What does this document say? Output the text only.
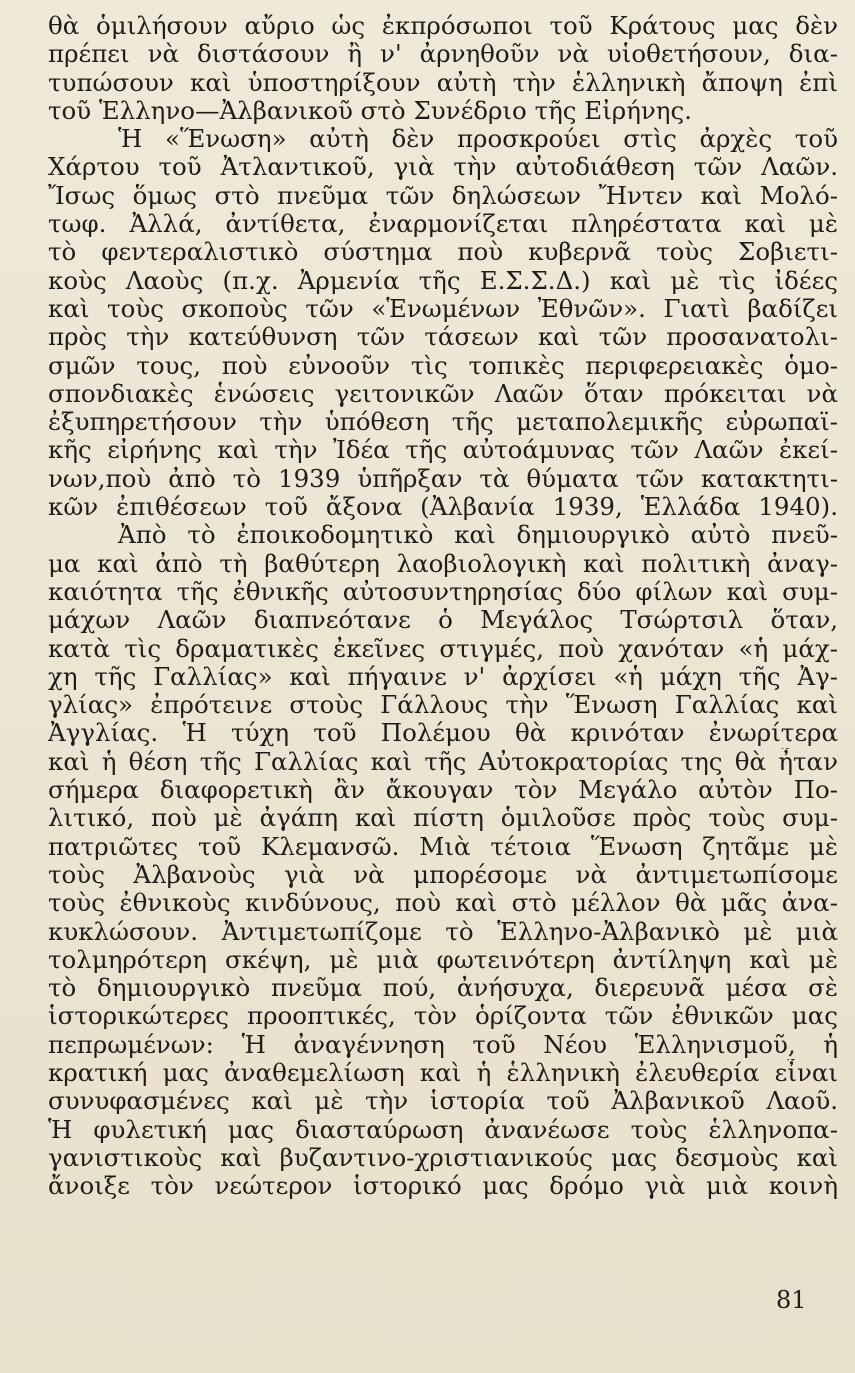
θὰ ὁμιλήσουν αὔριο ὡς ἐκπρόσωποι τοῦ Κράτους μας δὲν
πρέπει νὰ διστάσουν ἢ ν' ἀρνηθοῦν νὰ υἱοθετήσουν, δια-
τυπώσουν καὶ ὑποστηρίξουν αὐτὴ τὴν ἑλληνικὴ ἄποψη ἐπὶ
τοῦ Ἑλληνο—Ἀλβανικοῦ στὸ Συνέδριο τῆς Εἰρήνης.
Ἡ «Ἕνωση» αὐτὴ δὲν προσκρούει στὶς ἀρχὲς τοῦ
Χάρτου τοῦ Ἀτλαντικοῦ, γιὰ τὴν αὐτοδιάθεση τῶν Λαῶν.
Ἴσως ὅμως στὸ πνεῦμα τῶν δηλώσεων Ἤντεν καὶ Μολό-
τωφ. Ἀλλά, ἀντίθετα, ἐναρμονίζεται πληρέστατα καὶ μὲ
τὸ φεντεραλιστικὸ σύστημα ποὺ κυβερνᾶ τοὺς Σοβιετι-
κοὺς Λαοὺς (π.χ. Ἀρμενία τῆς Ε.Σ.Σ.Δ.) καὶ μὲ τὶς ἰδέες
καὶ τοὺς σκοποὺς τῶν «Ἑνωμένων Ἐθνῶν». Γιατὶ βαδίζει
πρὸς τὴν κατεύθυνση τῶν τάσεων καὶ τῶν προσανατολι-
σμῶν τους, ποὺ εὐνοοῦν τὶς τοπικὲς περιφερειακὲς ὁμο-
σπονδιακὲς ἑνώσεις γειτονικῶν Λαῶν ὅταν πρόκειται νὰ
ἐξυπηρετήσουν τὴν ὑπόθεση τῆς μεταπολεμικῆς εὐρωπαϊ-
κῆς εἰρήνης καὶ τὴν Ἰδέα τῆς αὐτοάμυνας τῶν Λαῶν ἐκεί-
νων,ποὺ ἀπὸ τὸ 1939 ὑπῆρξαν τὰ θύματα τῶν κατακτητι-
κῶν ἐπιθέσεων τοῦ ἄξονα (Ἀλβανία 1939, Ἑλλάδα 1940).
Ἀπὸ τὸ ἐποικοδομητικὸ καὶ δημιουργικὸ αὐτὸ πνεῦ-
μα καὶ ἀπὸ τὴ βαθύτερη λαοβιολογικὴ καὶ πολιτικὴ ἀναγ-
καιότητα τῆς ἐθνικῆς αὐτοσυντηρησίας δύο φίλων καὶ συμ-
μάχων Λαῶν διαπνεότανε ὁ Μεγάλος Τσώρτσιλ ὅταν,
κατὰ τὶς δραματικὲς ἐκεῖνες στιγμές, ποὺ χανόταν «ἡ μάχ-
χη τῆς Γαλλίας» καὶ πήγαινε ν' ἀρχίσει «ἡ μάχη τῆς Ἀγ-
γλίας» ἐπρότεινε στοὺς Γάλλους τὴν Ἕνωση Γαλλίας καὶ
Ἀγγλίας. Ἡ τύχη τοῦ Πολέμου θὰ κρινόταν ἐνωρίτερα
καὶ ἡ θέση τῆς Γαλλίας καὶ τῆς Αὐτοκρατορίας της θὰ ἦταν
σήμερα διαφορετικὴ ἂν ἄκουγαν τὸν Μεγάλο αὐτὸν Πο-
λιτικό, ποὺ μὲ ἀγάπη καὶ πίστη ὁμιλοῦσε πρὸς τοὺς συμ-
πατριῶτες τοῦ Κλεμανσῶ. Μιὰ τέτοια Ἕνωση ζητᾶμε μὲ
τοὺς Ἀλβανοὺς γιὰ νὰ μπορέσομε νὰ ἀντιμετωπίσομε
τοὺς ἐθνικοὺς κινδύνους, ποὺ καὶ στὸ μέλλον θὰ μᾶς ἀνα-
κυκλώσουν. Ἀντιμετωπίζομε τὸ Ἑλληνο-Ἀλβανικὸ μὲ μιὰ
τολμηρότερη σκέψη, μὲ μιὰ φωτεινότερη ἀντίληψη καὶ μὲ
τὸ δημιουργικὸ πνεῦμα πού, ἀνήσυχα, διερευνᾶ μέσα σὲ
ἱστορικώτερες προοπτικές, τὸν ὁρίζοντα τῶν ἐθνικῶν μας
πεπρωμένων: Ἡ ἀναγέννηση τοῦ Νέου Ἑλληνισμοῦ, ἡ
κρατική μας ἀναθεμελίωση καὶ ἡ ἑλληνικὴ ἐλευθερία εἶναι
συνυφασμένες καὶ μὲ τὴν ἱστορία τοῦ Ἀλβανικοῦ Λαοῦ.
Ἡ φυλετική μας διασταύρωση ἀνανέωσε τοὺς ἑλληνοπα-
γανιστικοὺς καὶ βυζαντινο-χριστιανικούς μας δεσμοὺς καὶ
ἄνοιξε τὸν νεώτερον ἱστορικό μας δρόμο γιὰ μιὰ κοινὴ
81
